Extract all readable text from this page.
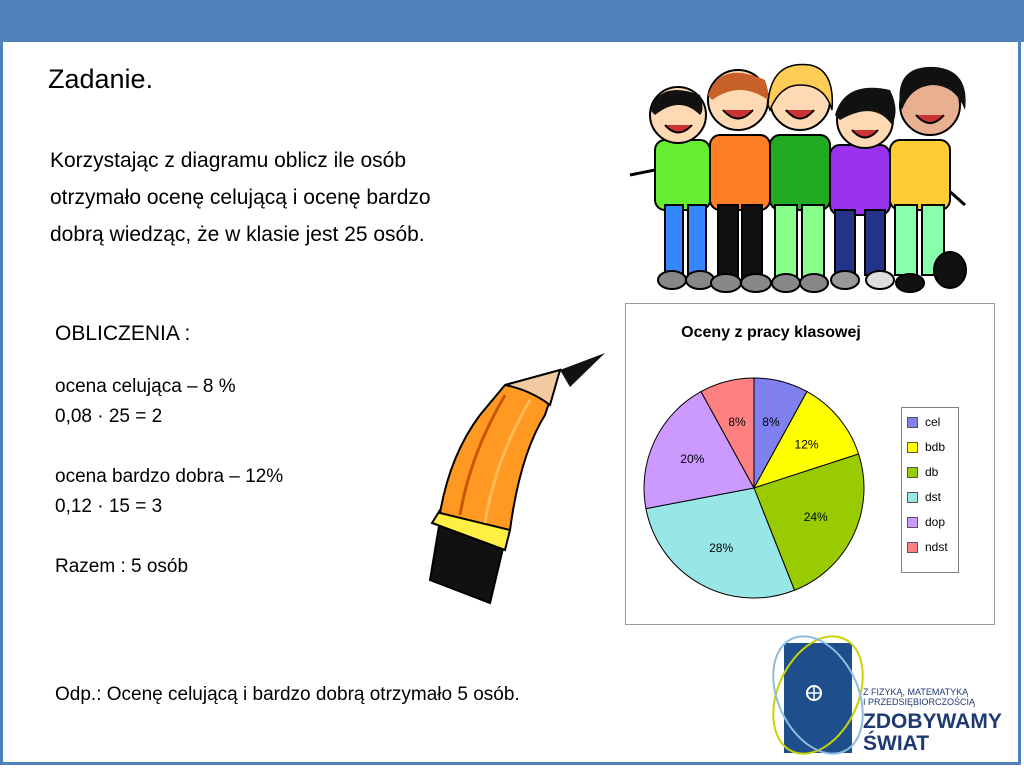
Zadanie.
Korzystając z diagramu oblicz ile osób
otrzymało ocenę celującą i ocenę bardzo
dobrą wiedząc, że w klasie jest 25 osób.
OBLICZENIA :
ocena celująca – 8 %
0,08 · 25 = 2
ocena bardzo dobra – 12%
0,12 · 15 = 3
Razem : 5 osób
Odp.: Ocenę celującą i bardzo dobrą otrzymało 5 osób.
Oceny z pracy klasowej
8%
12%
24%
28%
20%
8%	cel
bdb
db
dst
dop
ndst
Z FIZYKĄ, MATEMATYKĄ
I PRZEDSIĘBIORCZOŚCIĄ
ZDOBYWAMY
ŚWIAT
